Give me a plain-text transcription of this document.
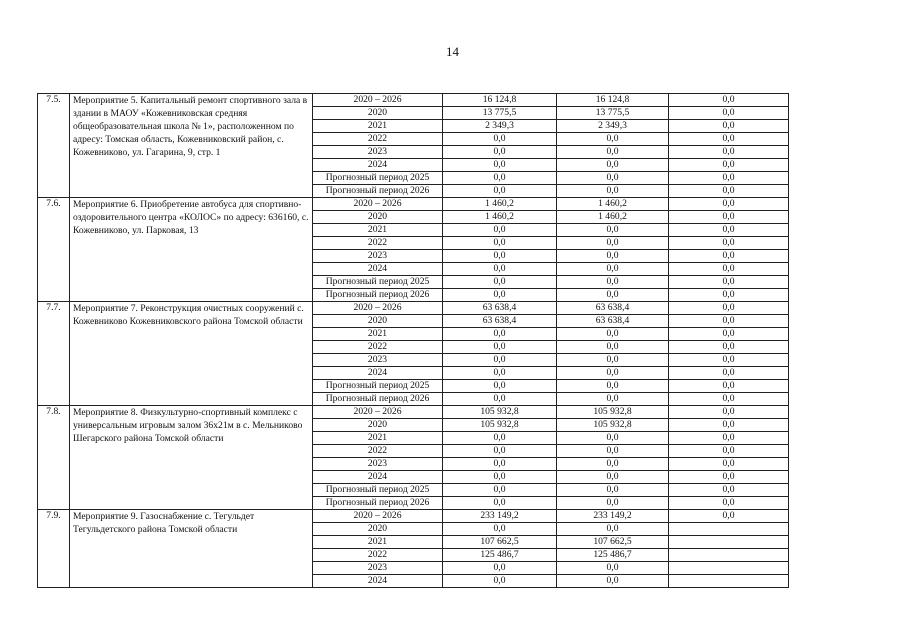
14
7.5.	Мероприятие 5. Капитальный ремонт спортивного зала в здании в МАОУ «Кожевниковская средняя общеобразовательная школа № 1», расположенном по адресу: Томская область, Кожевниковский район, с. Кожевниково, ул. Гагарина, 9, стр. 1	2020 – 2026	16 124,8	16 124,8	0,0
		2020	13 775,5	13 775,5	0,0
		2021	2 349,3	2 349,3	0,0
		2022	0,0	0,0	0,0
		2023	0,0	0,0	0,0
		2024	0,0	0,0	0,0
		Прогнозный период 2025	0,0	0,0	0,0
		Прогнозный период 2026	0,0	0,0	0,0
7.6.	Мероприятие 6. Приобретение автобуса для спортивно-оздоровительного центра «КОЛОС» по адресу: 636160, с. Кожевниково, ул. Парковая, 13	2020 – 2026	1 460,2	1 460,2	0,0
		2020	1 460,2	1 460,2	0,0
		2021	0,0	0,0	0,0
		2022	0,0	0,0	0,0
		2023	0,0	0,0	0,0
		2024	0,0	0,0	0,0
		Прогнозный период 2025	0,0	0,0	0,0
		Прогнозный период 2026	0,0	0,0	0,0
7.7.	Мероприятие 7. Реконструкция очистных сооружений с. Кожевниково Кожевниковского района Томской области	2020 – 2026	63 638,4	63 638,4	0,0
		2020	63 638,4	63 638,4	0,0
		2021	0,0	0,0	0,0
		2022	0,0	0,0	0,0
		2023	0,0	0,0	0,0
		2024	0,0	0,0	0,0
		Прогнозный период 2025	0,0	0,0	0,0
		Прогнозный период 2026	0,0	0,0	0,0
7.8.	Мероприятие 8. Физкультурно-спортивный комплекс с универсальным игровым залом 36x21м в с. Мельниково Шегарского района Томской области	2020 – 2026	105 932,8	105 932,8	0,0
		2020	105 932,8	105 932,8	0,0
		2021	0,0	0,0	0,0
		2022	0,0	0,0	0,0
		2023	0,0	0,0	0,0
		2024	0,0	0,0	0,0
		Прогнозный период 2025	0,0	0,0	0,0
		Прогнозный период 2026	0,0	0,0	0,0
7.9.	Мероприятие 9. Газоснабжение с. Тегульдет Тегульдетского района Томской области	2020 – 2026	233 149,2	233 149,2	0,0
		2020	0,0	0,0	
		2021	107 662,5	107 662,5	
		2022	125 486,7	125 486,7	
		2023	0,0	0,0	
		2024	0,0	0,0	
